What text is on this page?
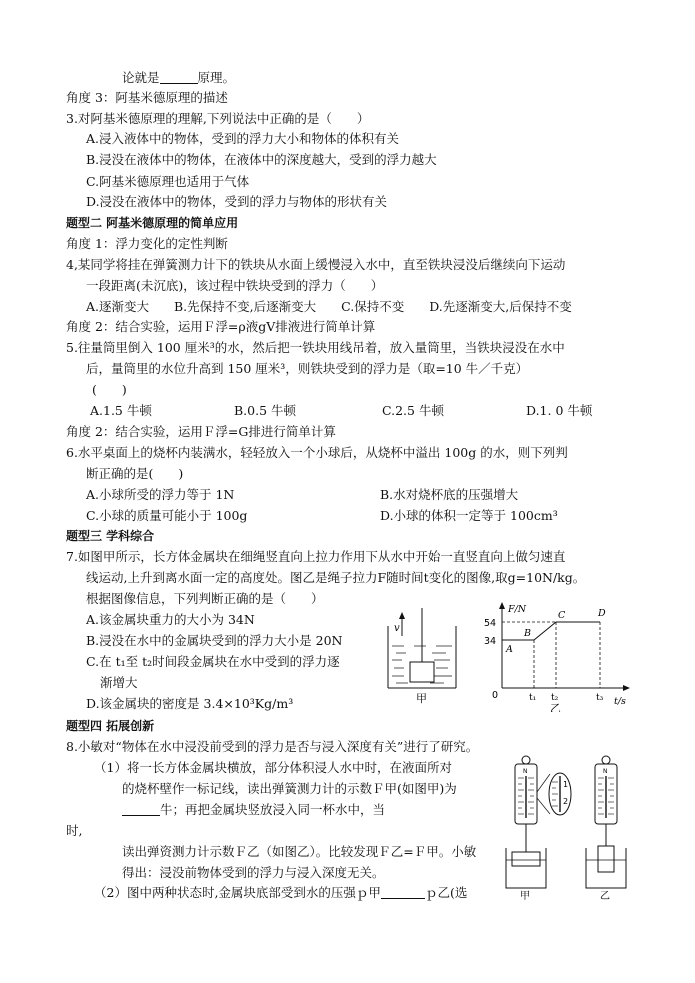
论就是	原理。
角度 3：阿基米德原理的描述
3.对阿基米德原理的理解,下列说法中正确的是（　　）
A.浸入液体中的物体，受到的浮力大小和物体的体积有关
B.浸没在液体中的物体，在液体中的深度越大，受到的浮力越大
C.阿基米德原理也适用于气体
D.浸没在液体中的物体，受到的浮力与物体的形状有关
题型二 阿基米德原理的简单应用
角度 1：浮力变化的定性判断
4,某同学将挂在弹簧测力计下的铁块从水面上缓慢浸入水中，直至铁块浸没后继续向下运动
一段距离(未沉底)，该过程中铁块受到的浮力（　　）
A.逐渐变大　　B.先保持不变,后逐渐变大　　C.保持不变　　D.先逐渐变大,后保持不变
角度 2：结合实验，运用Ｆ浮=ρ液gV排液进行简单计算
5.往量筒里倒入 100 厘米³的水，然后把一铁块用线吊着，放入量筒里，当铁块浸没在水中
后，量筒里的水位升高到 150 厘米³，则铁块受到的浮力是（取=10 牛／千克）
(　　)
A.1.5 牛顿	B.0.5 牛顿	C.2.5 牛顿	D.1. 0 牛顿
角度 2：结合实验，运用Ｆ浮=G排进行简单计算
6.水平桌面上的烧杯内装满水，轻轻放入一个小球后，从烧杯中溢出 100g 的水，则下列判
断正确的是(　　)
A.小球所受的浮力等于 1N	B.水对烧杯底的压强增大
C.小球的质量可能小于 100g	D.小球的体积一定等于 100cm³
题型三 学科综合
7.如图甲所示，长方体金属块在细绳竖直向上拉力作用下从水中开始一直竖直向上做匀速直
线运动,上升到离水面一定的高度处。图乙是绳子拉力F随时间t变化的图像,取g=10N/kg。
根据图像信息，下列判断正确的是（　　）
A.该金属块重力的大小为 34N
B.浸没在水中的金属块受到的浮力大小是 20N
C.在 t₁至 t₂时间段金属块在水中受到的浮力逐
渐增大
D.该金属块的密度是 3.4×10³Kg/m³
v
甲
F/N
t/s
54
34
0
A
B
C	D
t₁ t₂	t₃
乙
题型四 拓展创新
8.小敏对“物体在水中浸没前受到的浮力是否与浸入深度有关”进行了研究。
（1）将一长方体金属块横放，部分体积浸人水中时，在液面所对
的烧杯壁作一标记线，读出弹簧测力计的示数Ｆ甲(如图甲)为
牛；再把金属块竖放浸入同一杯水中，当
时,
读出弹资测力计示数Ｆ乙（如图乙）。比较发现Ｆ乙=Ｆ甲。小敏
得出：浸没前物体受到的浮力与浸入深度无关。
（2）图中两种状态时,金属块底部受到水的压强ｐ甲	ｐ乙(选
N
甲
1
2
N
乙
